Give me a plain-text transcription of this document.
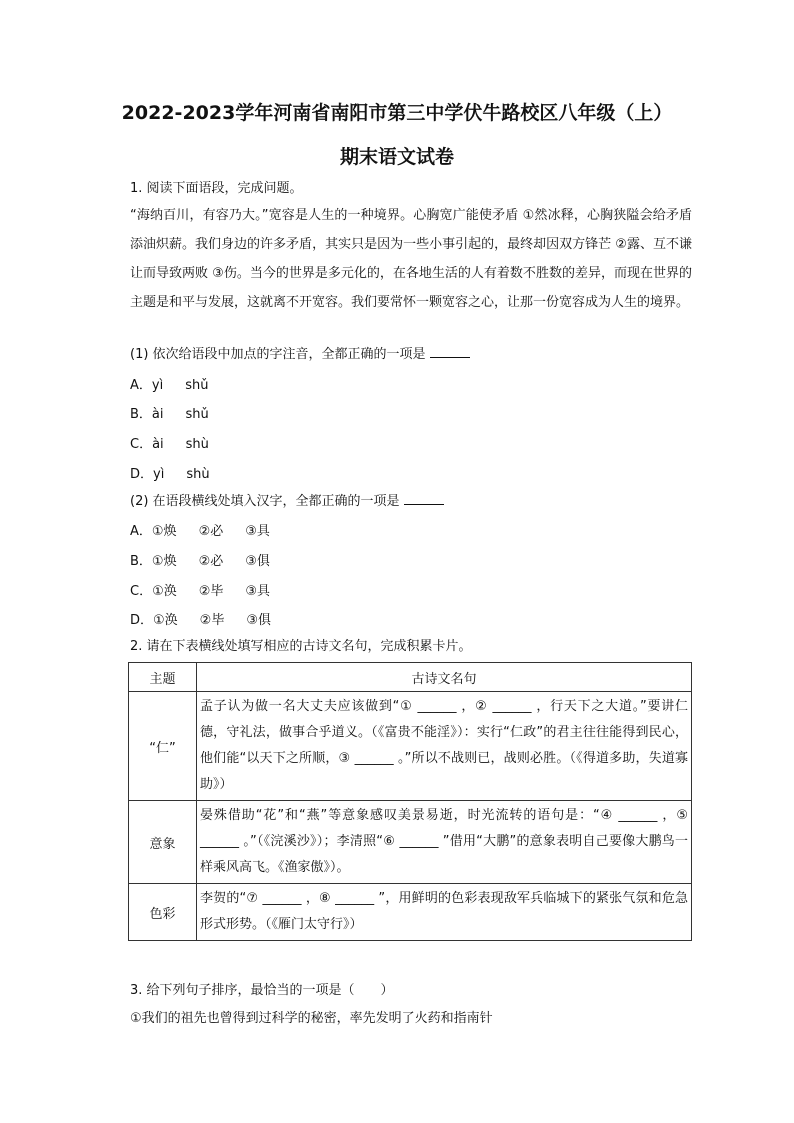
2022-2023学年河南省南阳市第三中学伏牛路校区八年级（上）
期末语文试卷
1. 阅读下面语段，完成问题。
“海纳百川，有容乃大。”宽容是人生的一种境界。心胸宽广能使矛盾 ①然冰释，心胸狭隘会给矛盾添油炽薪。我们身边的许多矛盾，其实只是因为一些小事引起的，最终却因双方锋芒 ②露、互不谦让而导致两败 ③伤。当今的世界是多元化的，在各地生活的人有着数不胜数的差异，而现在世界的主题是和平与发展，这就离不开宽容。我们要常怀一颗宽容之心，让那一份宽容成为人生的境界。
(1) 依次给语段中加点的字注音，全都正确的一项是
A．yì shǔ
B．ài shǔ
C．ài shù
D．yì shù
(2) 在语段横线处填入汉字，全都正确的一项是
A．①焕 ②必 ③具
B．①焕 ②必 ③俱
C．①涣 ②毕 ③具
D．①涣 ②毕 ③俱
2. 请在下表横线处填写相应的古诗文名句，完成积累卡片。
主题	古诗文名句
“仁”	孟子认为做一名大丈夫应该做到“① ______ ，② ______ ，行天下之大道。”要讲仁德，守礼法，做事合乎道义。（《富贵不能淫》）：实行“仁政”的君主往往能得到民心，他们能“以天下之所顺，③ ______ 。”所以不战则已，战则必胜。（《得道多助，失道寡助》）
意象	晏殊借助“花”和“燕”等意象感叹美景易逝，时光流转的语句是：“④ ______ ，⑤ ______ 。”（《浣溪沙》）；李清照“⑥ ______ ”借用“大鹏”的意象表明自己要像大鹏鸟一样乘风高飞。《渔家傲》）。
色彩	李贺的“⑦ ______ ，⑧ ______ ”，用鲜明的色彩表现敌军兵临城下的紧张气氛和危急形式形势。（《雁门太守行》）
3. 给下列句子排序，最恰当的一项是（　　）
①我们的祖先也曾得到过科学的秘密，率先发明了火药和指南针
